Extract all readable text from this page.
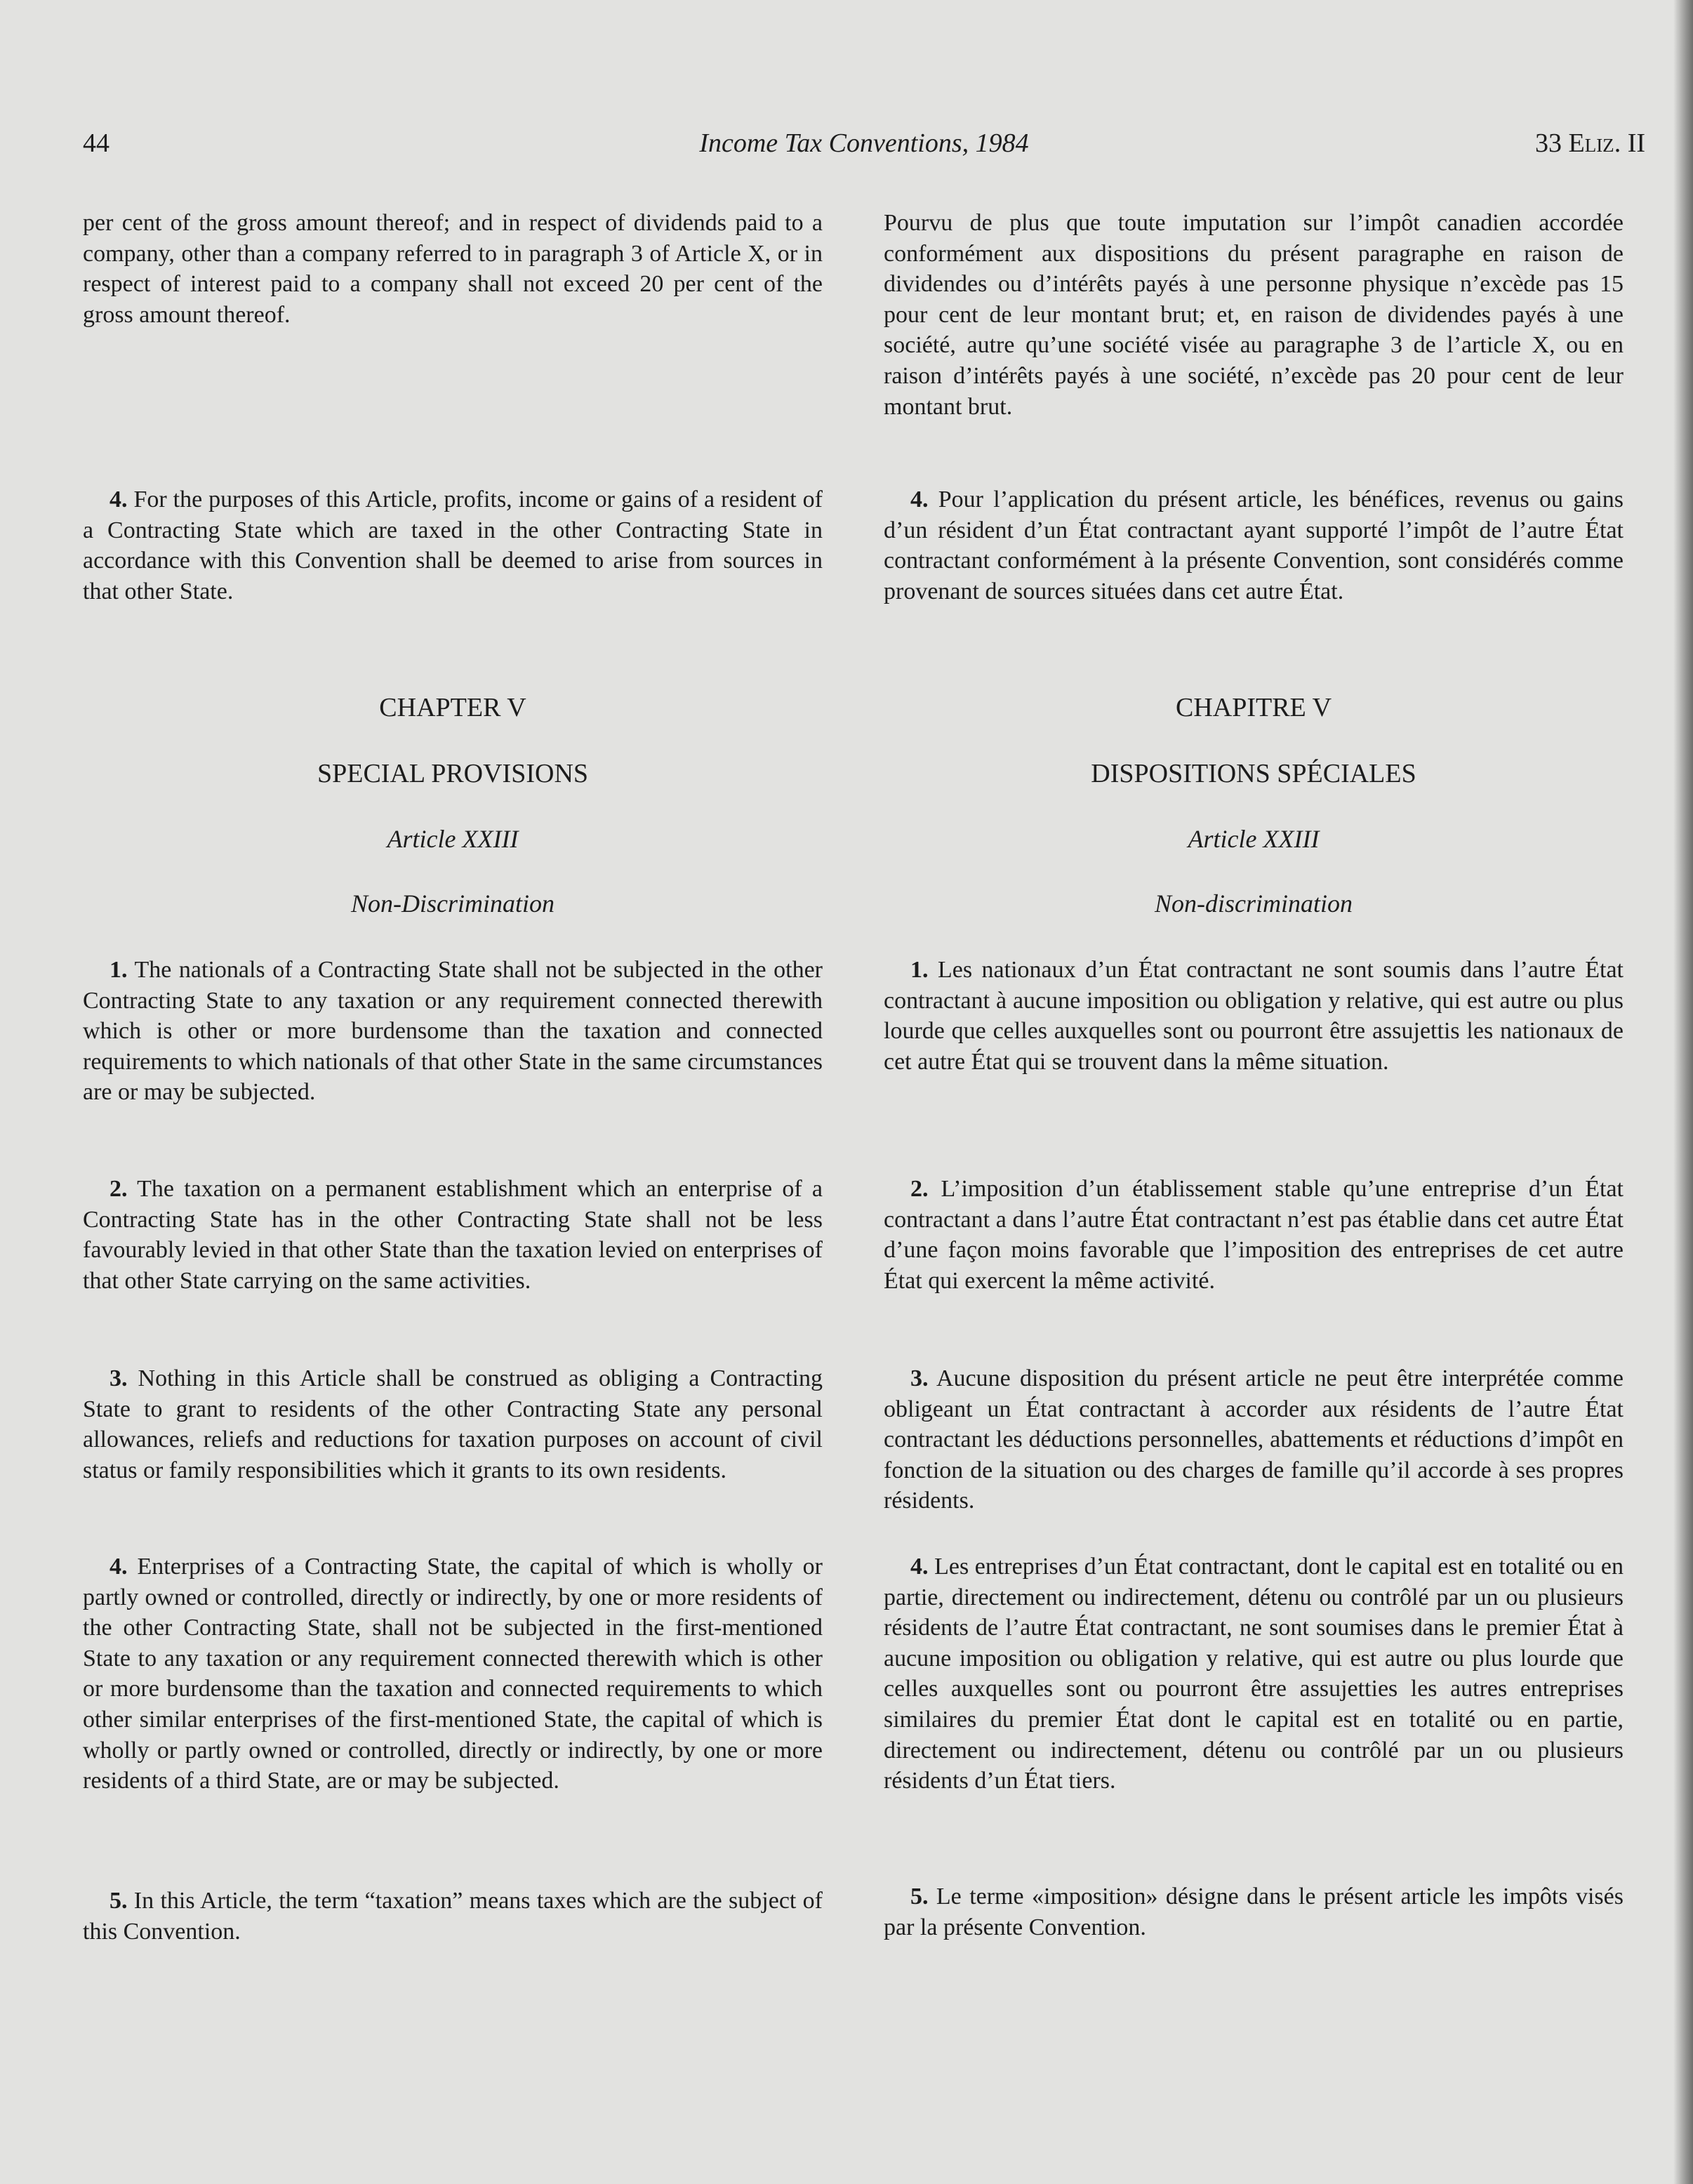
44	Income Tax Conventions, 1984	33 Eliz. II

per cent of the gross amount thereof; and in respect of dividends paid to a company, other than a company referred to in paragraph 3 of Article X, or in respect of interest paid to a company shall not exceed 20 per cent of the gross amount thereof.

4. For the purposes of this Article, profits, income or gains of a resident of a Contracting State which are taxed in the other Contracting State in accordance with this Convention shall be deemed to arise from sources in that other State.

CHAPTER V

SPECIAL PROVISIONS

Article XXIII

Non-Discrimination

1. The nationals of a Contracting State shall not be subjected in the other Contracting State to any taxation or any requirement connected therewith which is other or more burdensome than the taxation and connected requirements to which nationals of that other State in the same circumstances are or may be subjected.

2. The taxation on a permanent establishment which an enterprise of a Contracting State has in the other Contracting State shall not be less favourably levied in that other State than the taxation levied on enterprises of that other State carrying on the same activities.

3. Nothing in this Article shall be construed as obliging a Contracting State to grant to residents of the other Contracting State any personal allowances, reliefs and reductions for taxation purposes on account of civil status or family responsibilities which it grants to its own residents.

4. Enterprises of a Contracting State, the capital of which is wholly or partly owned or controlled, directly or indirectly, by one or more residents of the other Contracting State, shall not be subjected in the first-mentioned State to any taxation or any requirement connected therewith which is other or more burdensome than the taxation and connected requirements to which other similar enterprises of the first-mentioned State, the capital of which is wholly or partly owned or controlled, directly or indirectly, by one or more residents of a third State, are or may be subjected.

5. In this Article, the term “taxation” means taxes which are the subject of this Convention.

Pourvu de plus que toute imputation sur l’impôt canadien accordée conformément aux dispositions du présent paragraphe en raison de dividendes ou d’intérêts payés à une personne physique n’excède pas 15 pour cent de leur montant brut; et, en raison de dividendes payés à une société, autre qu’une société visée au paragraphe 3 de l’article X, ou en raison d’intérêts payés à une société, n’excède pas 20 pour cent de leur montant brut.

4. Pour l’application du présent article, les bénéfices, revenus ou gains d’un résident d’un État contractant ayant supporté l’impôt de l’autre État contractant conformément à la présente Convention, sont considérés comme provenant de sources situées dans cet autre État.

CHAPITRE V

DISPOSITIONS SPÉCIALES

Article XXIII

Non-discrimination

1. Les nationaux d’un État contractant ne sont soumis dans l’autre État contractant à aucune imposition ou obligation y relative, qui est autre ou plus lourde que celles auxquelles sont ou pourront être assujettis les nationaux de cet autre État qui se trouvent dans la même situation.

2. L’imposition d’un établissement stable qu’une entreprise d’un État contractant a dans l’autre État contractant n’est pas établie dans cet autre État d’une façon moins favorable que l’imposition des entreprises de cet autre État qui exercent la même activité.

3. Aucune disposition du présent article ne peut être interprétée comme obligeant un État contractant à accorder aux résidents de l’autre État contractant les déductions personnelles, abattements et réductions d’impôt en fonction de la situation ou des charges de famille qu’il accorde à ses propres résidents.

4. Les entreprises d’un État contractant, dont le capital est en totalité ou en partie, directement ou indirectement, détenu ou contrôlé par un ou plusieurs résidents de l’autre État contractant, ne sont soumises dans le premier État à aucune imposition ou obligation y relative, qui est autre ou plus lourde que celles auxquelles sont ou pourront être assujetties les autres entreprises similaires du premier État dont le capital est en totalité ou en partie, directement ou indirectement, détenu ou contrôlé par un ou plusieurs résidents d’un État tiers.

5. Le terme «imposition» désigne dans le présent article les impôts visés par la présente Convention.
